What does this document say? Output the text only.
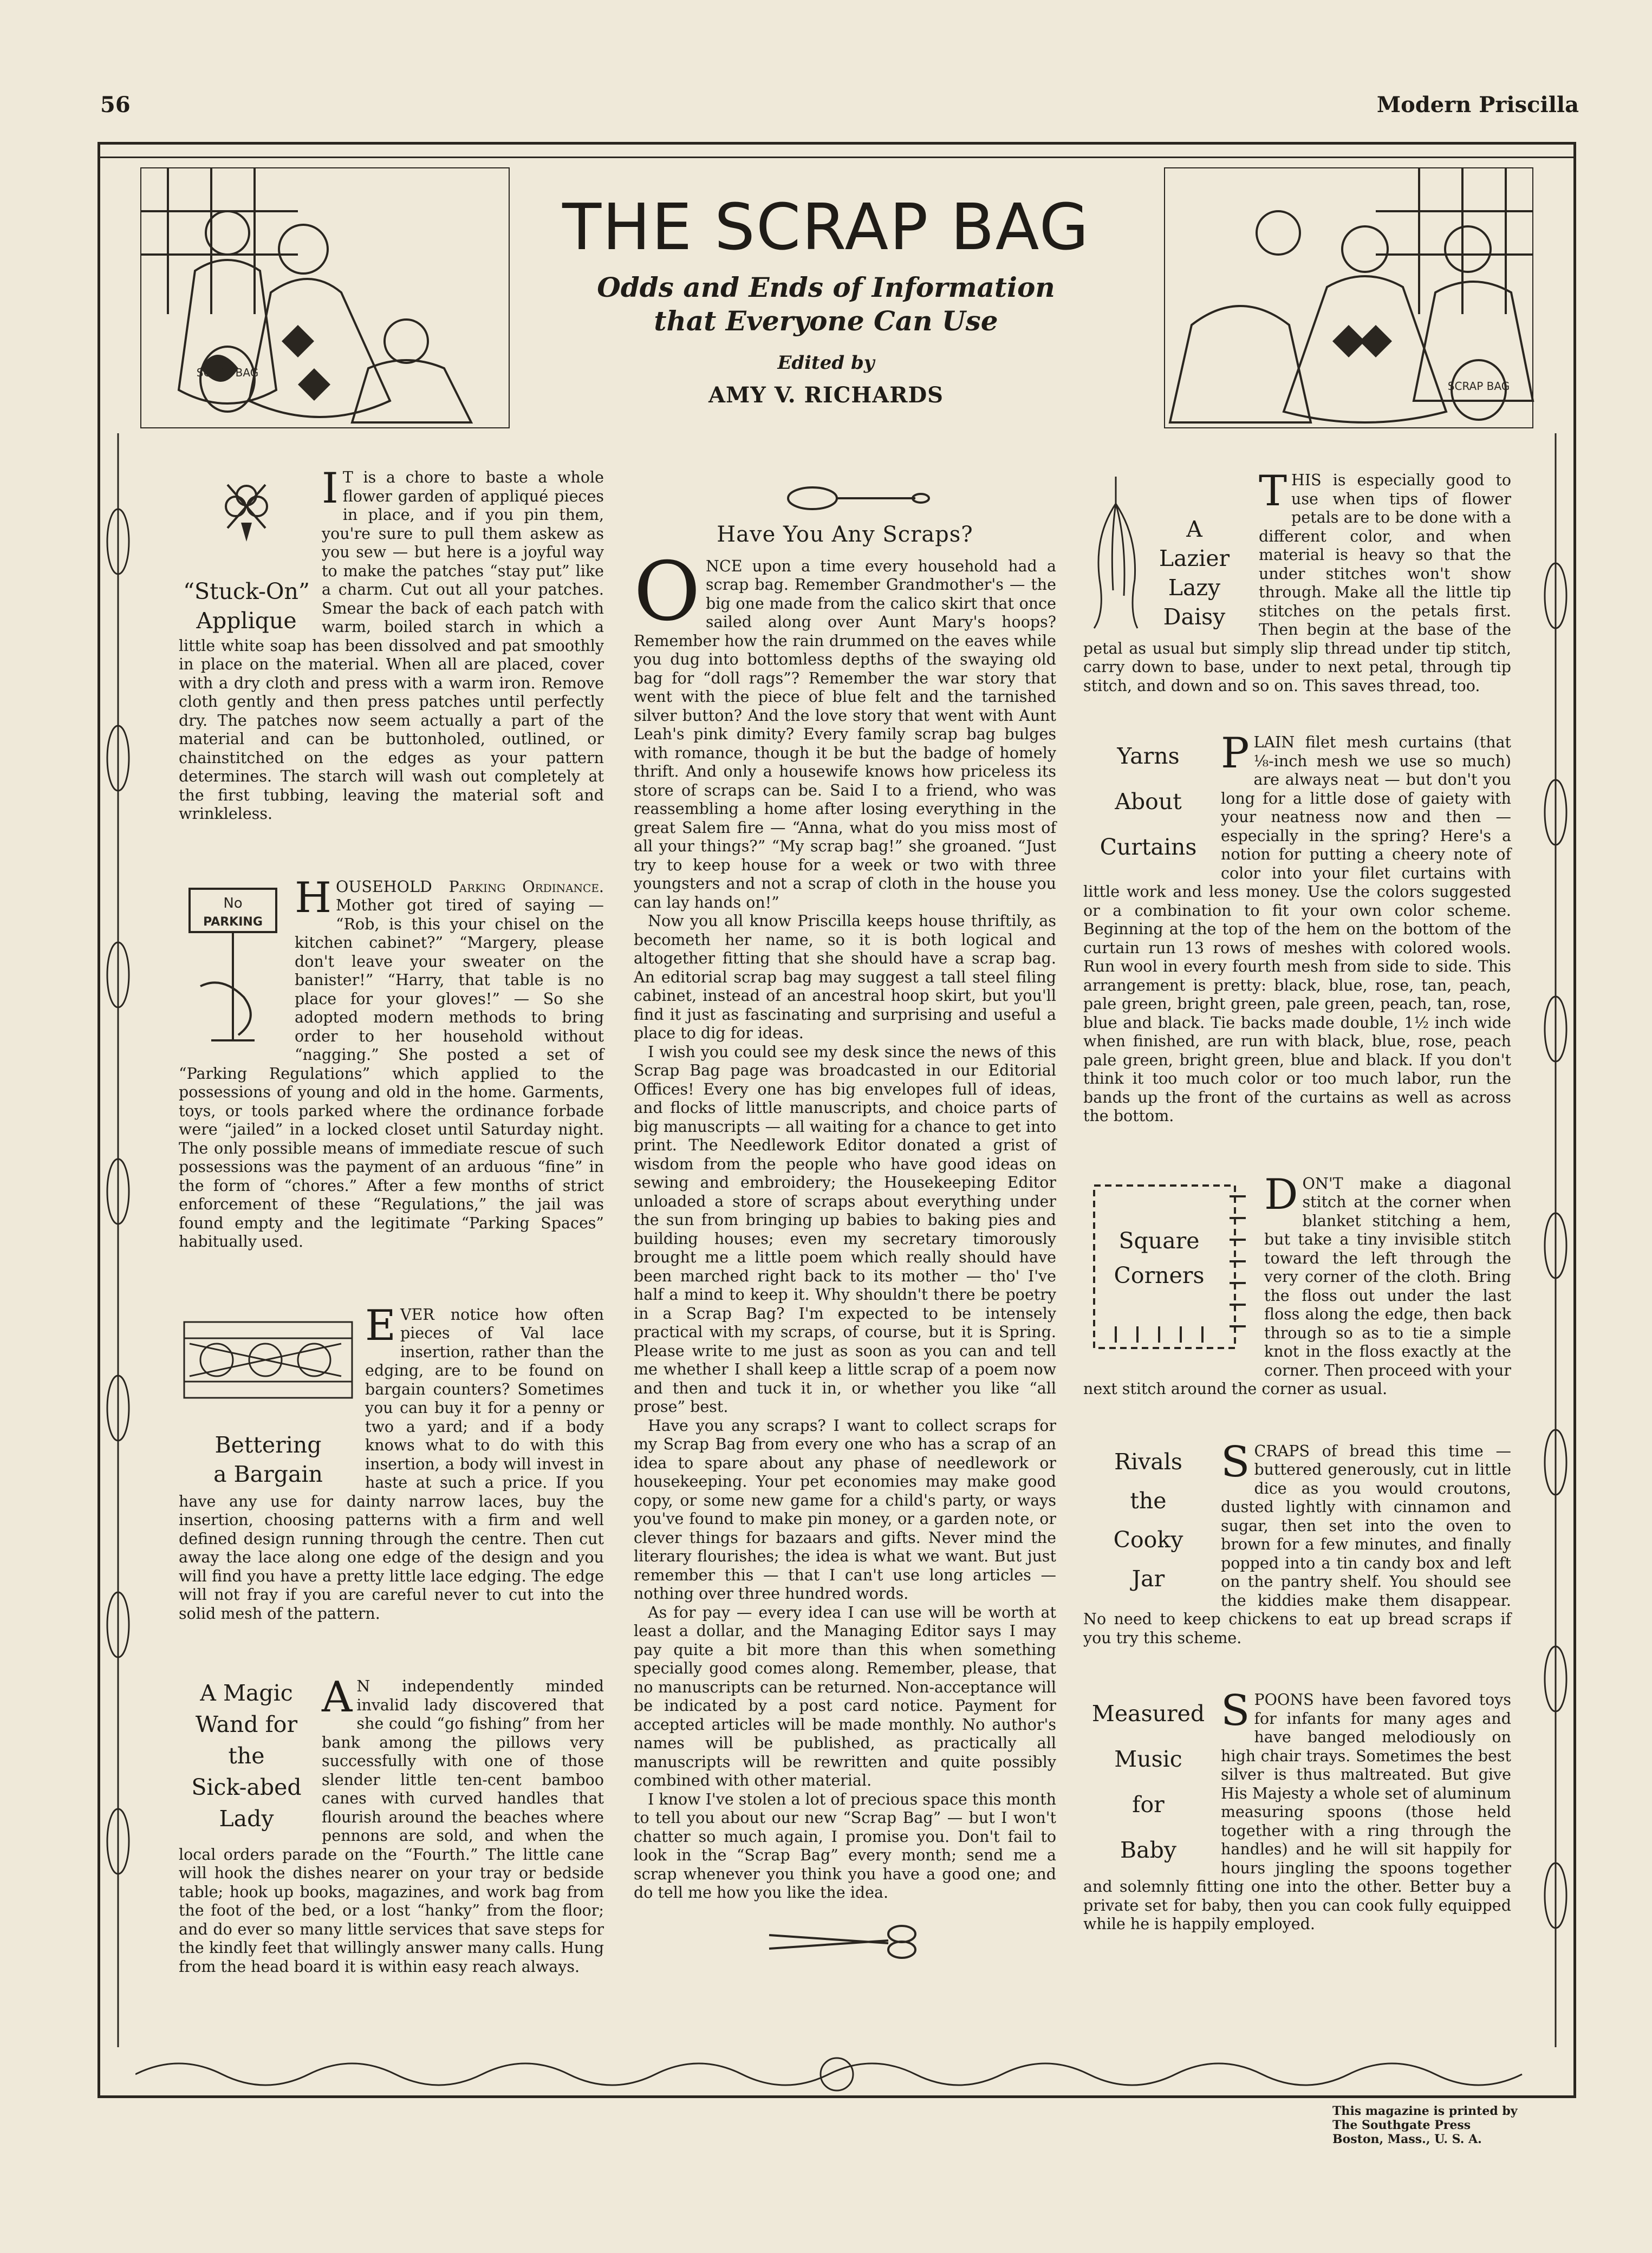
56	Modern Priscilla
SCRAP BAG
SCRAP BAG
THE SCRAP BAG
Odds and Ends of Information
that Everyone Can Use
Edited by
AMY V. RICHARDS
“Stuck-On”
Applique

I T is a chore to baste a whole flower garden of appliqué pieces in place, and if you pin them, you're sure to pull them askew as you sew — but here is a joyful way to make the patches “stay put” like a charm. Cut out all your patches. Smear the back of each patch with warm, boiled starch in which a little white soap has been dissolved and pat smoothly in place on the material. When all are placed, cover with a dry cloth and press with a warm iron. Remove cloth gently and then press patches until perfectly dry. The patches now seem actually a part of the material and can be buttonholed, outlined, or chainstitched on the edges as your pattern determines. The starch will wash out completely at the first tubbing, leaving the material soft and wrinkleless.

No
PARKING HOUSEHOLD Parking Ordinance. Mother got tired of saying — “Rob, is this your chisel on the kitchen cabinet?” “Margery, please don't leave your sweater on the banister!” “Harry, that table is no place for your gloves!” — So she adopted modern methods to bring order to her household without “nagging.” She posted a set of “Parking Regulations” which applied to the possessions of young and old in the home. Garments, toys, or tools parked where the ordinance forbade were “jailed” in a locked closet until Saturday night. The only possible means of immediate rescue of such possessions was the payment of an arduous “fine” in the form of “chores.” After a few months of strict enforcement of these “Regulations,” the jail was found empty and the legitimate “Parking Spaces” habitually used.

Bettering
a Bargain

EVER notice how often pieces of Val lace insertion, rather than the edging, are to be found on bargain counters? Sometimes you can buy it for a penny or two a yard; and if a body knows what to do with this insertion, a body will invest in haste at such a price. If you have any use for dainty narrow laces, buy the insertion, choosing patterns with a firm and well defined design running through the centre. Then cut away the lace along one edge of the design and you will find you have a pretty little lace edging. The edge will not fray if you are careful never to cut into the solid mesh of the pattern.

A Magic
Wand for
the
Sick-abed
Lady

A N independently minded invalid lady discovered that she could “go fishing” from her bank among the pillows very successfully with one of those slender little ten-cent bamboo canes with curved handles that flourish around the beaches where pennons are sold, and when the local orders parade on the “Fourth.” The little cane will hook the dishes nearer on your tray or bedside table; hook up books, magazines, and work bag from the foot of the bed, or a lost “hanky” from the floor; and do ever so many little services that save steps for the kindly feet that willingly answer many calls. Hung from the head board it is within easy reach always.

Have You Any Scraps?

ONCE upon a time every household had a scrap bag. Remember Grandmother's — the big one made from the calico skirt that once sailed along over Aunt Mary's hoops? Remember how the rain drummed on the eaves while you dug into bottomless depths of the swaying old bag for “doll rags”? Remember the war story that went with the piece of blue felt and the tarnished silver button? And the love story that went with Aunt Leah's pink dimity? Every family scrap bag bulges with romance, though it be but the badge of homely thrift. And only a housewife knows how priceless its store of scraps can be. Said I to a friend, who was reassembling a home after losing everything in the great Salem fire — “Anna, what do you miss most of all your things?” “My scrap bag!” she groaned. “Just try to keep house for a week or two with three youngsters and not a scrap of cloth in the house you can lay hands on!”

Now you all know Priscilla keeps house thriftily, as becometh her name, so it is both logical and altogether fitting that she should have a scrap bag. An editorial scrap bag may suggest a tall steel filing cabinet, instead of an ancestral hoop skirt, but you'll find it just as fascinating and surprising and useful a place to dig for ideas.

I wish you could see my desk since the news of this Scrap Bag page was broadcasted in our Editorial Offices! Every one has big envelopes full of ideas, and flocks of little manuscripts, and choice parts of big manuscripts — all waiting for a chance to get into print. The Needlework Editor donated a grist of wisdom from the people who have good ideas on sewing and embroidery; the Housekeeping Editor unloaded a store of scraps about everything under the sun from bringing up babies to baking pies and building houses; even my secretary timorously brought me a little poem which really should have been marched right back to its mother — tho' I've half a mind to keep it. Why shouldn't there be poetry in a Scrap Bag? I'm expected to be intensely practical with my scraps, of course, but it is Spring. Please write to me just as soon as you can and tell me whether I shall keep a little scrap of a poem now and then and tuck it in, or whether you like “all prose” best.

Have you any scraps? I want to collect scraps for my Scrap Bag from every one who has a scrap of an idea to spare about any phase of needlework or housekeeping. Your pet economies may make good copy, or some new game for a child's party, or ways you've found to make pin money, or a garden note, or clever things for bazaars and gifts. Never mind the literary flourishes; the idea is what we want. But just remember this — that I can't use long articles — nothing over three hundred words.

As for pay — every idea I can use will be worth at least a dollar, and the Managing Editor says I may pay quite a bit more than this when something specially good comes along. Remember, please, that no manuscripts can be returned. Non-acceptance will be indicated by a post card notice. Payment for accepted articles will be made monthly. No author's names will be published, as practically all manuscripts will be rewritten and quite possibly combined with other material.

I know I've stolen a lot of precious space this month to tell you about our new “Scrap Bag” — but I won't chatter so much again, I promise you. Don't fail to look in the “Scrap Bag” every month; send me a scrap whenever you think you have a good one; and do tell me how you like the idea.

A
Lazier
Lazy
Daisy

THIS is especially good to use when tips of flower petals are to be done with a different color, and when material is heavy so that the under stitches won't show through. Make all the little tip stitches on the petals first. Then begin at the base of the petal as usual but simply slip thread under tip stitch, carry down to base, under to next petal, through tip stitch, and down and so on. This saves thread, too.

Yarns
About
Curtains

PLAIN filet mesh curtains (that ⅛-inch mesh we use so much) are always neat — but don't you long for a little dose of gaiety with your neatness now and then — especially in the spring? Here's a notion for putting a cheery note of color into your filet curtains with little work and less money. Use the colors suggested or a combination to fit your own color scheme. Beginning at the top of the hem on the bottom of the curtain run 13 rows of meshes with colored wools. Run wool in every fourth mesh from side to side. This arrangement is pretty: black, blue, rose, tan, peach, pale green, bright green, pale green, peach, tan, rose, blue and black. Tie backs made double, 1½ inch wide when finished, are run with black, blue, rose, peach pale green, bright green, blue and black. If you don't think it too much color or too much labor, run the bands up the front of the curtains as well as across the bottom.

Square
Corners

DON'T make a diagonal stitch at the corner when blanket stitching a hem, but take a tiny invisible stitch toward the left through the very corner of the cloth. Bring the floss out under the last floss along the edge, then back through so as to tie a simple knot in the floss exactly at the corner. Then proceed with your next stitch around the corner as usual.

Rivals
the
Cooky
Jar

SCRAPS of bread this time — buttered generously, cut in little dice as you would croutons, dusted lightly with cinnamon and sugar, then set into the oven to brown for a few minutes, and finally popped into a tin candy box and left on the pantry shelf. You should see the kiddies make them disappear. No need to keep chickens to eat up bread scraps if you try this scheme.

Measured
Music
for
Baby

SPOONS have been favored toys for infants for many ages and have banged melodiously on high chair trays. Sometimes the best silver is thus maltreated. But give His Majesty a whole set of aluminum measuring spoons (those held together with a ring through the handles) and he will sit happily for hours jingling the spoons together and solemnly fitting one into the other. Better buy a private set for baby, then you can cook fully equipped while he is happily employed.

This magazine is printed by
The Southgate Press
Boston, Mass., U. S. A.
